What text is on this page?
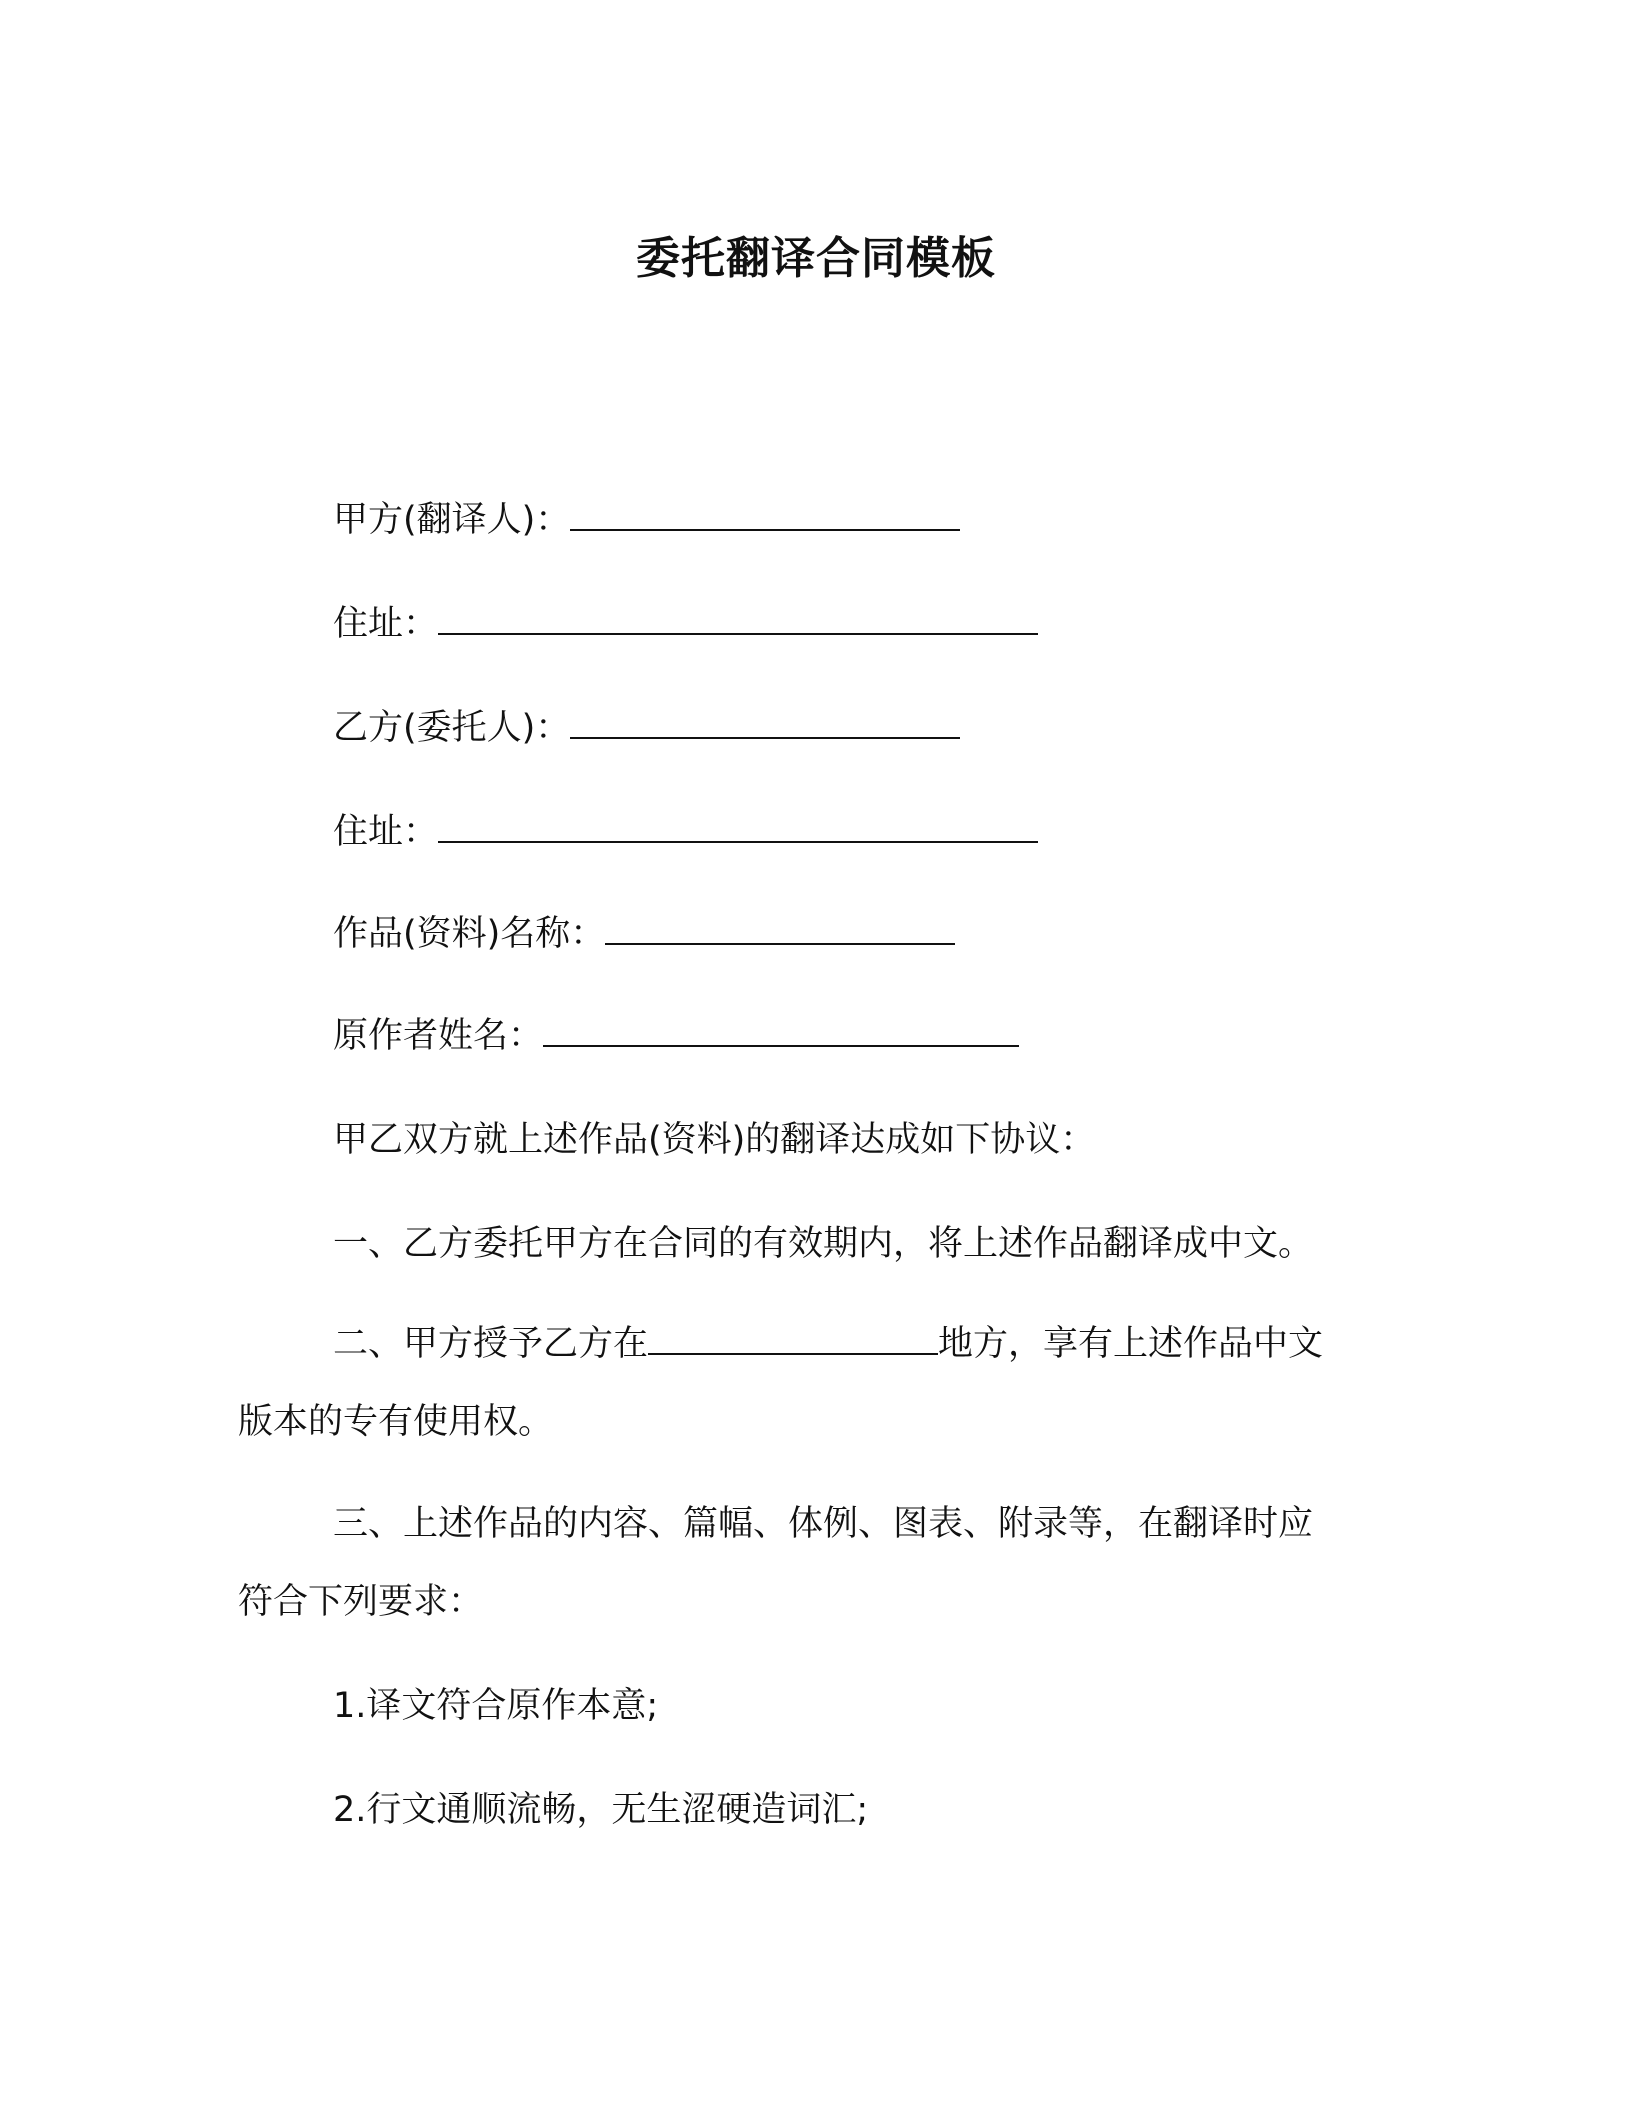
委托翻译合同模板
甲方(翻译人)：
住址：
乙方(委托人)：
住址：
作品(资料)名称：
原作者姓名：
甲乙双方就上述作品(资料)的翻译达成如下协议：
一、乙方委托甲方在合同的有效期内，将上述作品翻译成中文。
二、甲方授予乙方在	地方，享有上述作品中文
版本的专有使用权。
三、上述作品的内容、篇幅、体例、图表、附录等，在翻译时应
符合下列要求：
1.译文符合原作本意;
2.行文通顺流畅，无生涩硬造词汇;
